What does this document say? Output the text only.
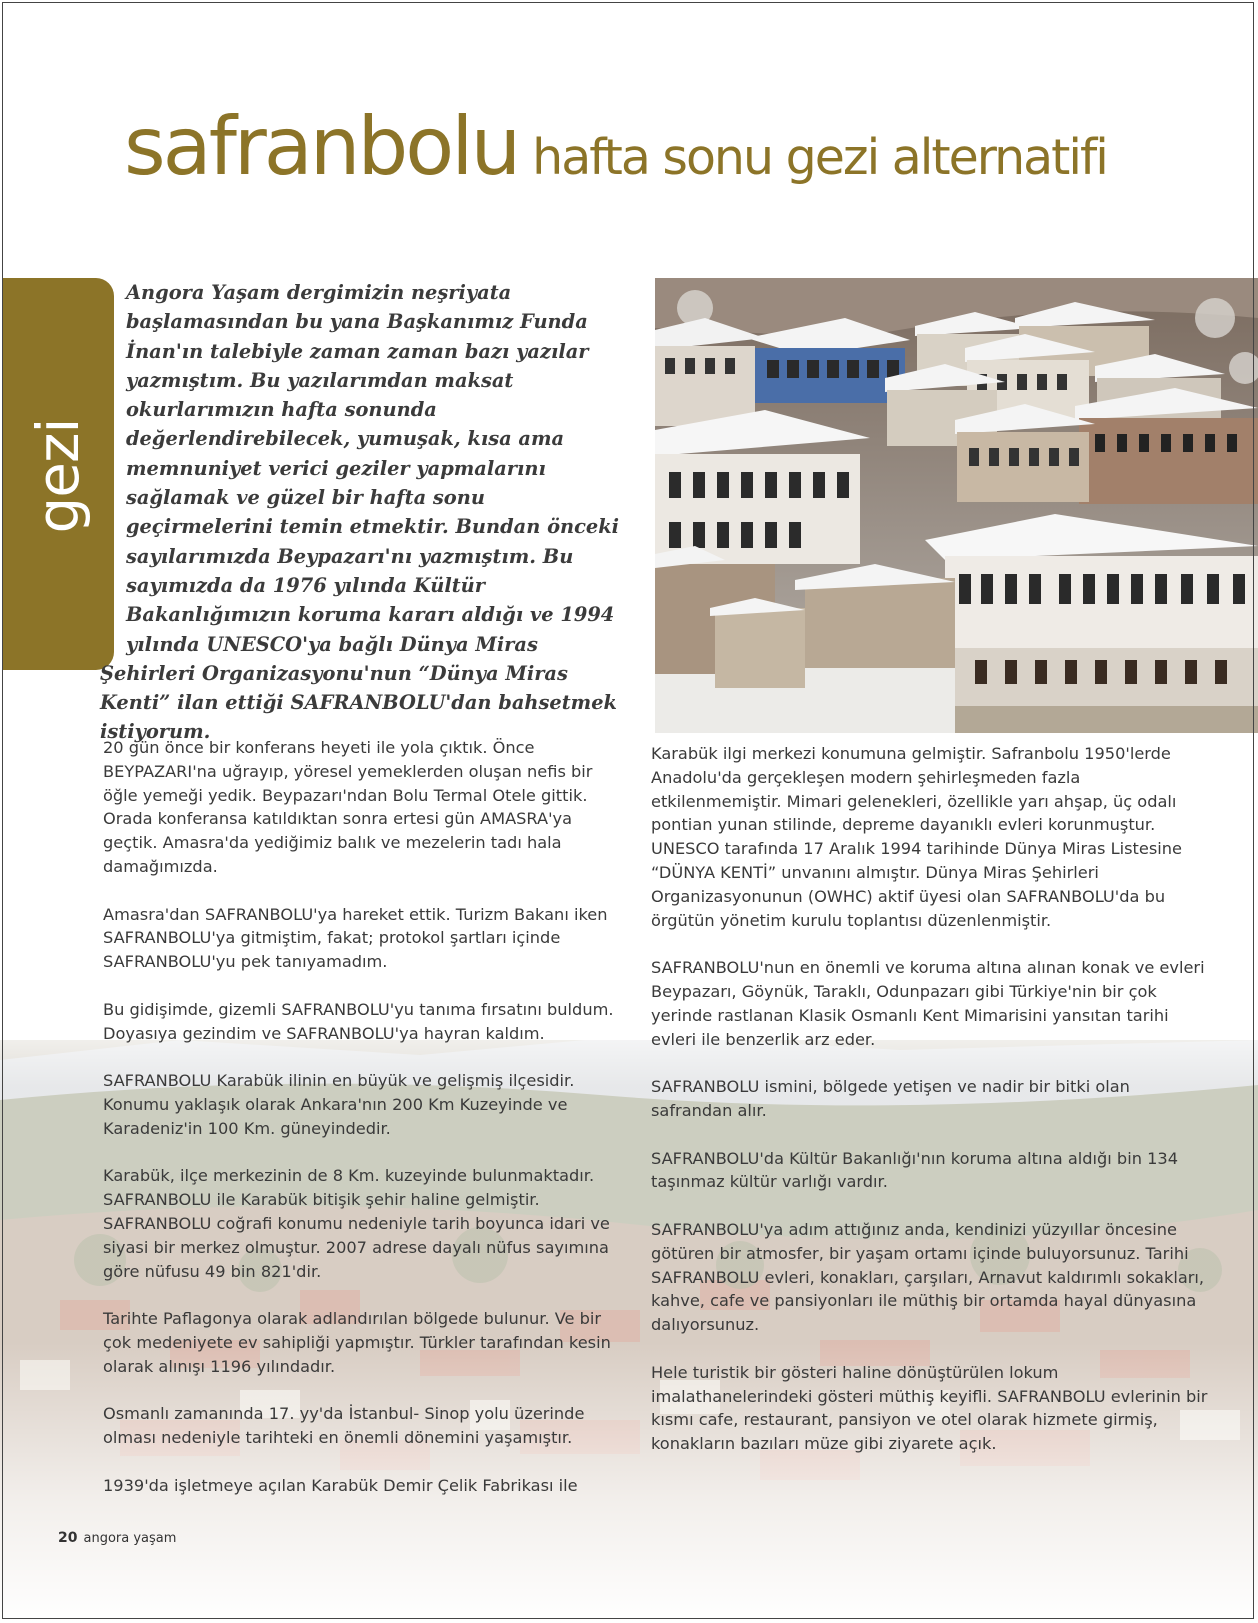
safranbolu hafta sonu gezi alternatifi
gezi
Angora Yaşam dergimizin neşriyata başlamasından bu yana Başkanımız Funda İnan'ın talebiyle zaman zaman bazı yazılar yazmıştım. Bu yazılarımdan maksat okurlarımızın hafta sonunda değerlendirebilecek, yumuşak, kısa ama memnuniyet verici geziler yapmalarını sağlamak ve güzel bir hafta sonu geçirmelerini temin etmektir. Bundan önceki sayılarımızda Beypazarı'nı yazmıştım. Bu sayımızda da 1976 yılında Kültür Bakanlığımızın koruma kararı aldığı ve 1994 yılında UNESCO'ya bağlı Dünya Miras Şehirleri Organizasyonu'nun “Dünya Miras Kenti” ilan ettiği SAFRANBOLU'dan bahsetmek istiyorum.

20 gün önce bir konferans heyeti ile yola çıktık. Önce BEYPAZARI'na uğrayıp, yöresel yemeklerden oluşan nefis bir öğle yemeği yedik. Beypazarı'ndan Bolu Termal Otele gittik. Orada konferansa katıldıktan sonra ertesi gün AMASRA'ya geçtik. Amasra'da yediğimiz balık ve mezelerin tadı hala damağımızda.

Amasra'dan SAFRANBOLU'ya hareket ettik. Turizm Bakanı iken SAFRANBOLU'ya gitmiştim, fakat; protokol şartları içinde SAFRANBOLU'yu pek tanıyamadım.

Bu gidişimde, gizemli SAFRANBOLU'yu tanıma fırsatını buldum. Doyasıya gezindim ve SAFRANBOLU'ya hayran kaldım.

SAFRANBOLU Karabük ilinin en büyük ve gelişmiş ilçesidir. Konumu yaklaşık olarak Ankara'nın 200 Km Kuzeyinde ve Karadeniz'in 100 Km. güneyindedir.

Karabük, ilçe merkezinin de 8 Km. kuzeyinde bulunmaktadır. SAFRANBOLU ile Karabük bitişik şehir haline gelmiştir. SAFRANBOLU coğrafi konumu nedeniyle tarih boyunca idari ve siyasi bir merkez olmuştur. 2007 adrese dayalı nüfus sayımına göre nüfusu 49 bin 821'dir.

Tarihte Paflagonya olarak adlandırılan bölgede bulunur. Ve bir çok medeniyete ev sahipliği yapmıştır. Türkler tarafından kesin olarak alınışı 1196 yılındadır.

Osmanlı zamanında 17. yy'da İstanbul- Sinop yolu üzerinde olması nedeniyle tarihteki en önemli dönemini yaşamıştır.

1939'da işletmeye açılan Karabük Demir Çelik Fabrikası ile

Karabük ilgi merkezi konumuna gelmiştir. Safranbolu 1950'lerde Anadolu'da gerçekleşen modern şehirleşmeden fazla etkilenmemiştir. Mimari gelenekleri, özellikle yarı ahşap, üç odalı pontian yunan stilinde, depreme dayanıklı evleri korunmuştur. UNESCO tarafında 17 Aralık 1994 tarihinde Dünya Miras Listesine “DÜNYA KENTİ” unvanını almıştır. Dünya Miras Şehirleri Organizasyonunun (OWHC) aktif üyesi olan SAFRANBOLU'da bu örgütün yönetim kurulu toplantısı düzenlenmiştir.

SAFRANBOLU'nun en önemli ve koruma altına alınan konak ve evleri Beypazarı, Göynük, Taraklı, Odunpazarı gibi Türkiye'nin bir çok yerinde rastlanan Klasik Osmanlı Kent Mimarisini yansıtan tarihi evleri ile benzerlik arz eder.

SAFRANBOLU ismini, bölgede yetişen ve nadir bir bitki olan safrandan alır.

SAFRANBOLU'da Kültür Bakanlığı'nın koruma altına aldığı bin 134 taşınmaz kültür varlığı vardır.

SAFRANBOLU'ya adım attığınız anda, kendinizi yüzyıllar öncesine götüren bir atmosfer, bir yaşam ortamı içinde buluyorsunuz. Tarihi SAFRANBOLU evleri, konakları, çarşıları, Arnavut kaldırımlı sokakları, kahve, cafe ve pansiyonları ile müthiş bir ortamda hayal dünyasına dalıyorsunuz.

Hele turistik bir gösteri haline dönüştürülen lokum imalathanelerindeki gösteri müthiş keyifli. SAFRANBOLU evlerinin bir kısmı cafe, restaurant, pansiyon ve otel olarak hizmete girmiş, konakların bazıları müze gibi ziyarete açık.

20 angora yaşam
